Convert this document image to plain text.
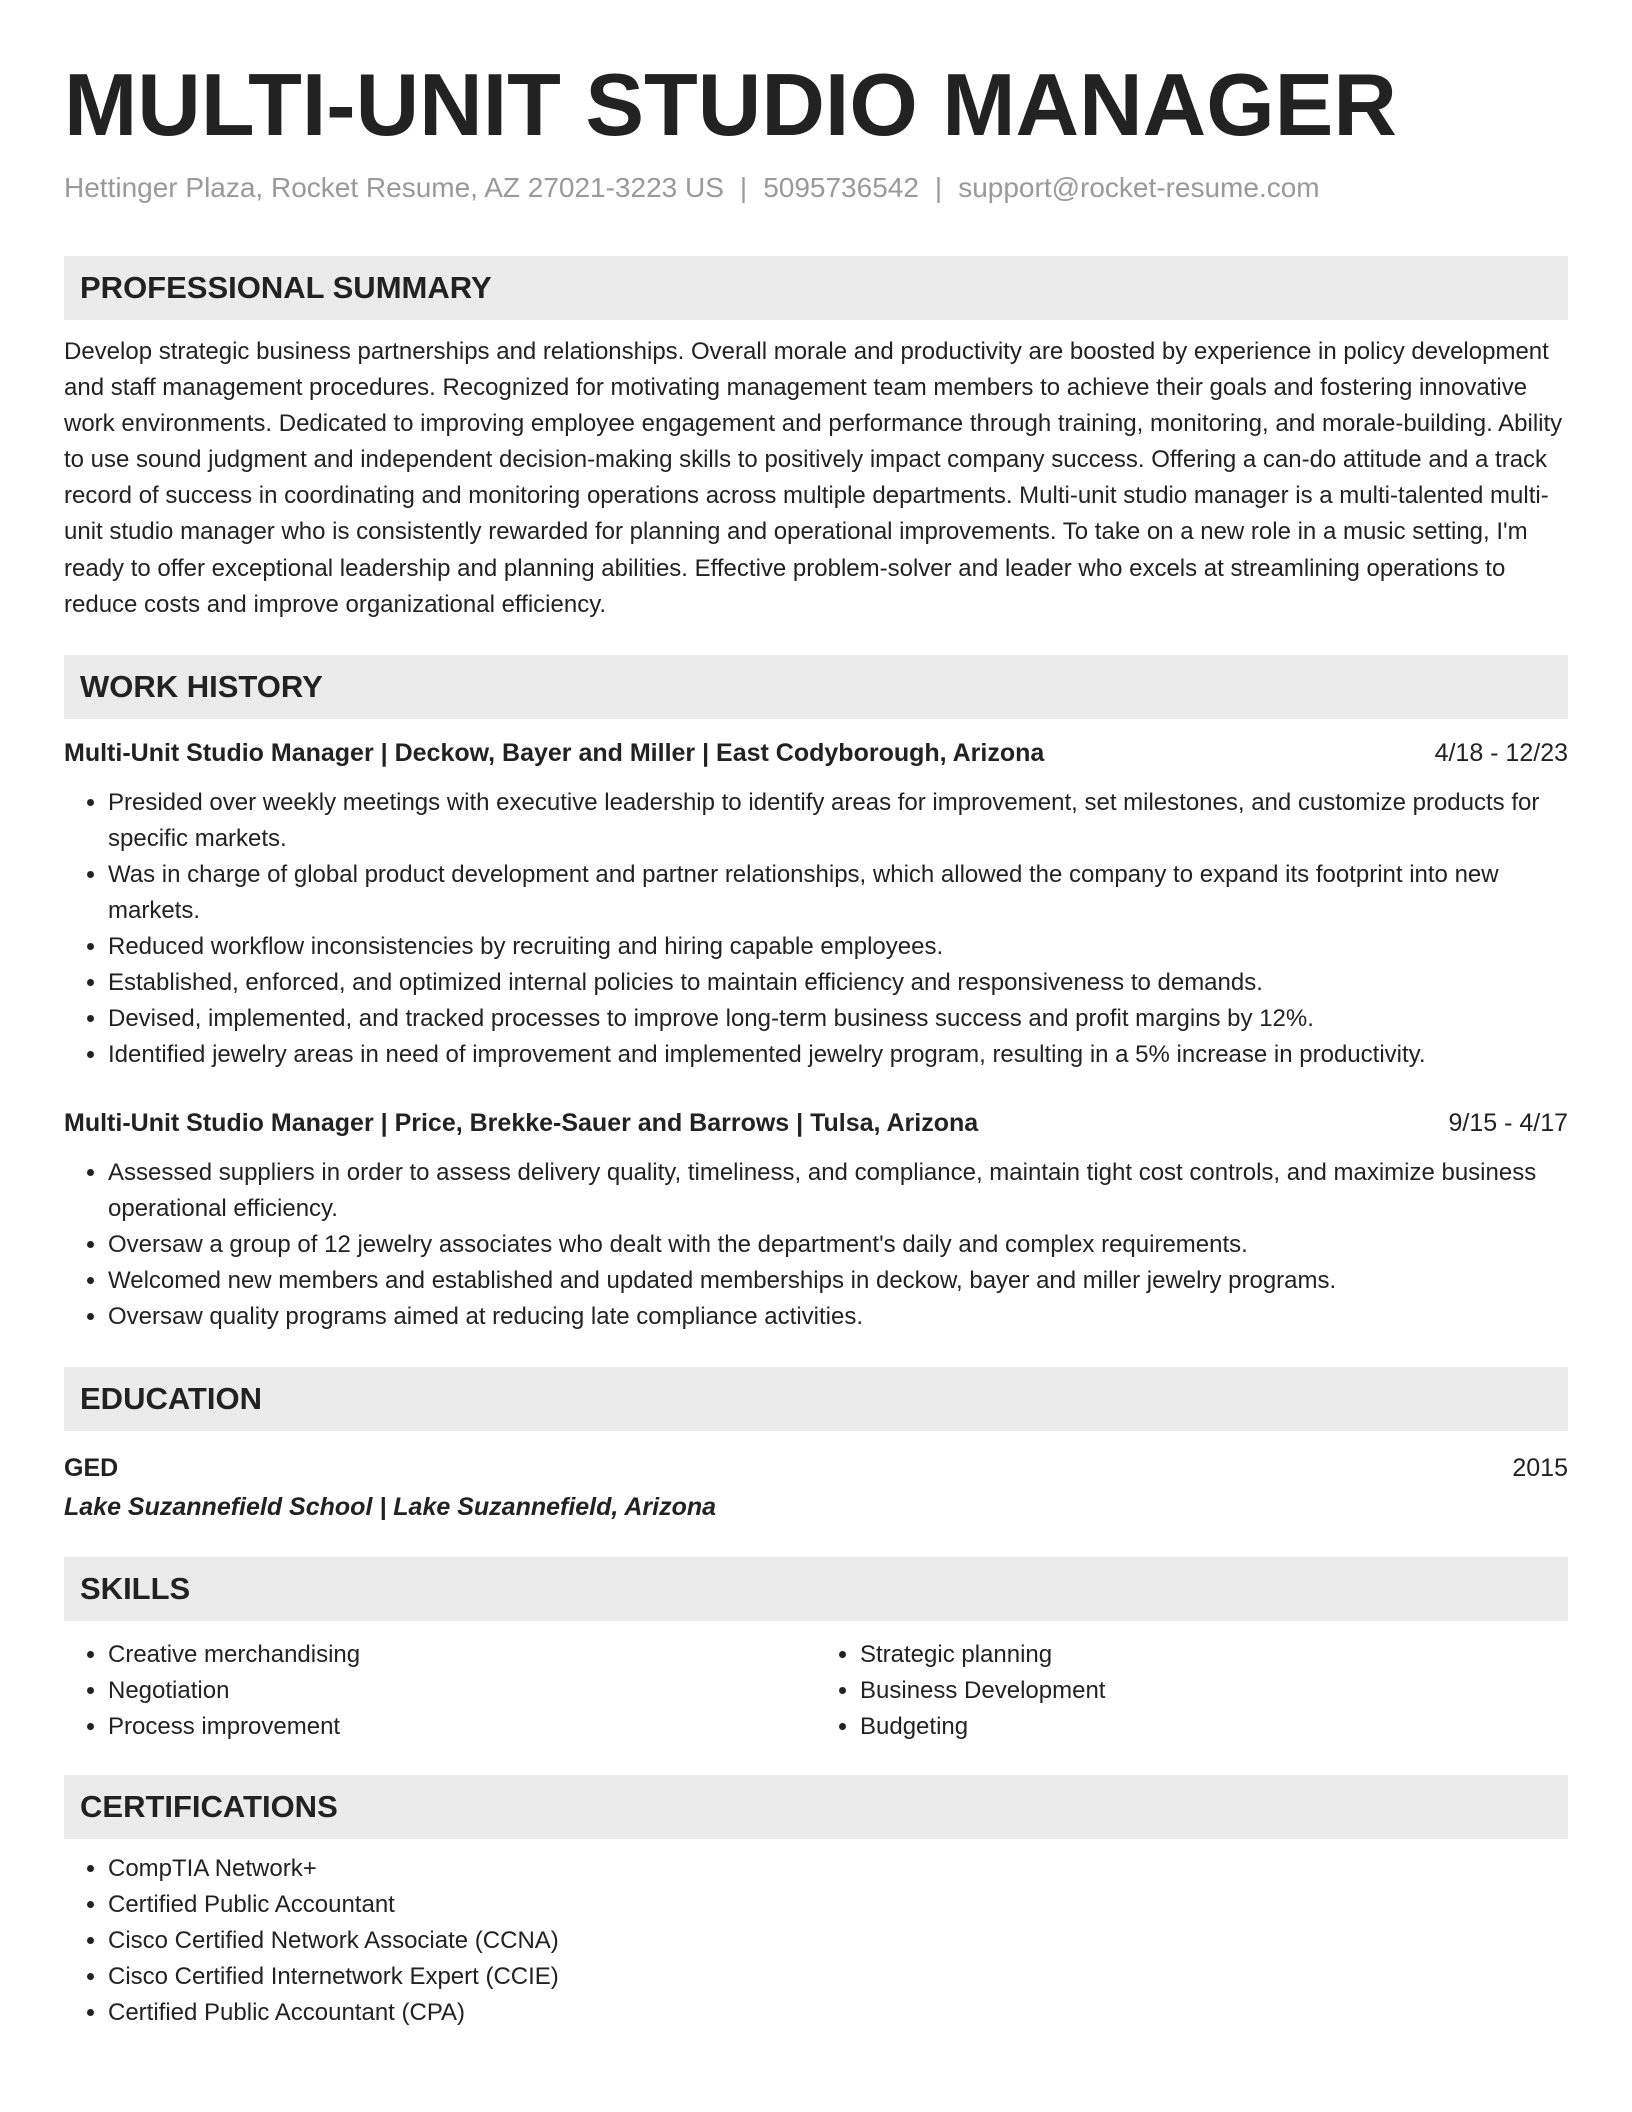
MULTI-UNIT STUDIO MANAGER
Hettinger Plaza, Rocket Resume, AZ 27021-3223 US | 5095736542 | support@rocket-resume.com
PROFESSIONAL SUMMARY

Develop strategic business partnerships and relationships. Overall morale and productivity are boosted by experience in policy development and staff management procedures. Recognized for motivating management team members to achieve their goals and fostering innovative work environments. Dedicated to improving employee engagement and performance through training, monitoring, and morale-building. Ability to use sound judgment and independent decision-making skills to positively impact company success. Offering a can-do attitude and a track record of success in coordinating and monitoring operations across multiple departments. Multi-unit studio manager is a multi-talented multi-unit studio manager who is consistently rewarded for planning and operational improvements. To take on a new role in a music setting, I'm ready to offer exceptional leadership and planning abilities. Effective problem-solver and leader who excels at streamlining operations to reduce costs and improve organizational efficiency.

WORK HISTORY
Multi-Unit Studio Manager | Deckow, Bayer and Miller | East Codyborough, Arizona	4/18 - 12/23
• Presided over weekly meetings with executive leadership to identify areas for improvement, set milestones, and customize products for specific markets.
• Was in charge of global product development and partner relationships, which allowed the company to expand its footprint into new markets.
• Reduced workflow inconsistencies by recruiting and hiring capable employees.
• Established, enforced, and optimized internal policies to maintain efficiency and responsiveness to demands.
• Devised, implemented, and tracked processes to improve long-term business success and profit margins by 12%.
• Identified jewelry areas in need of improvement and implemented jewelry program, resulting in a 5% increase in productivity.
Multi-Unit Studio Manager | Price, Brekke-Sauer and Barrows | Tulsa, Arizona	9/15 - 4/17
• Assessed suppliers in order to assess delivery quality, timeliness, and compliance, maintain tight cost controls, and maximize business operational efficiency.
• Oversaw a group of 12 jewelry associates who dealt with the department's daily and complex requirements.
• Welcomed new members and established and updated memberships in deckow, bayer and miller jewelry programs.
• Oversaw quality programs aimed at reducing late compliance activities.
EDUCATION
GED	2015
Lake Suzannefield School | Lake Suzannefield, Arizona
SKILLS
• Creative merchandising
• Negotiation
• Process improvement
• Strategic planning
• Business Development
• Budgeting
CERTIFICATIONS
• CompTIA Network+
• Certified Public Accountant
• Cisco Certified Network Associate (CCNA)
• Cisco Certified Internetwork Expert (CCIE)
• Certified Public Accountant (CPA)
